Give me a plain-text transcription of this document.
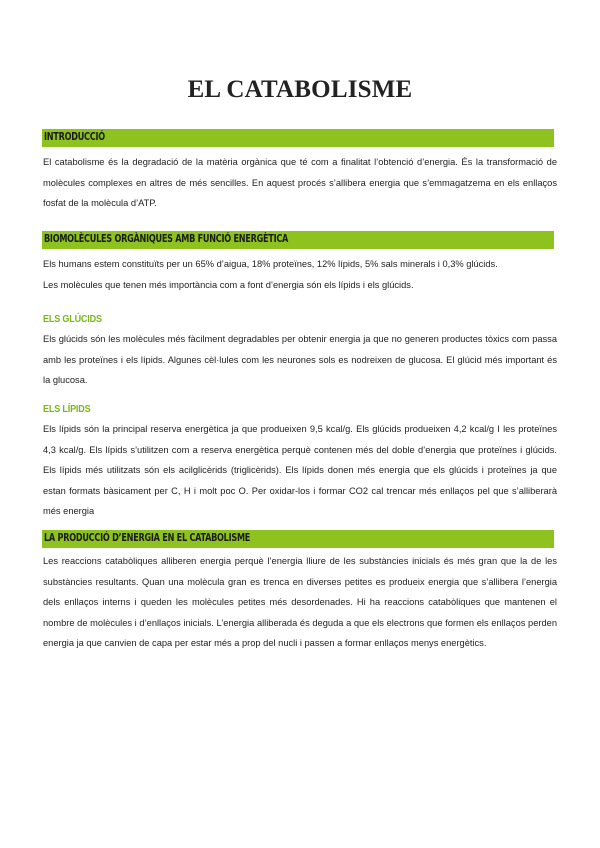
EL CATABOLISME
INTRODUCCIÓ

El catabolisme és la degradació de la matèria orgànica que té com a finalitat l’obtenció d’energia. És la transformació de molècules complexes en altres de més sencilles. En aquest procés s’allibera energia que s’emmagatzema en els enllaços fosfat de la molècula d’ATP.

BIOMOLÈCULES ORGÀNIQUES AMB FUNCIÓ ENERGÈTICA

Els humans estem constituïts per un 65% d’aigua, 18% proteïnes, 12% lípids, 5% sals minerals i 0,3% glúcids.
Les molècules que tenen més importància com a font d’energia són els lípids i els glúcids.

ELS GLÚCIDS

Els glúcids són les molècules més fàcilment degradables per obtenir energia ja que no generen productes tòxics com passa amb les proteïnes i els lípids. Algunes cèl·lules com les neurones sols es nodreixen de glucosa. El glúcid més important és la glucosa.

ELS LÍPIDS

Els lípids són la principal reserva energètica ja que produeixen 9,5 kcal/g. Els glúcids produeixen 4,2 kcal/g I les proteïnes 4,3 kcal/g. Els lípids s’utilitzen com a reserva energètica perquè contenen més del doble d’energia que proteïnes i glúcids. Els lípids més utilitzats són els acilglicèrids (triglicèrids). Els lípids donen més energia que els glúcids i proteïnes ja que estan formats bàsicament per C, H i molt poc O. Per oxidar-los i formar CO2 cal trencar més enllaços pel que s’alliberarà més energia

LA PRODUCCIÓ D’ENERGIA EN EL CATABOLISME

Les reaccions catabòliques alliberen energia perquè l’energia lliure de les substàncies inicials és més gran que la de les substàncies resultants. Quan una molècula gran es trenca en diverses petites es produeix energia que s’allibera l’energia dels enllaços interns i queden les molècules petites més desordenades. Hi ha reaccions catabòliques que mantenen el nombre de molècules i d’enllaços inicials. L’energia alliberada és deguda a que els electrons que formen els enllaços perden energia ja que canvien de capa per estar més a prop del nucli i passen a formar enllaços menys energètics.
